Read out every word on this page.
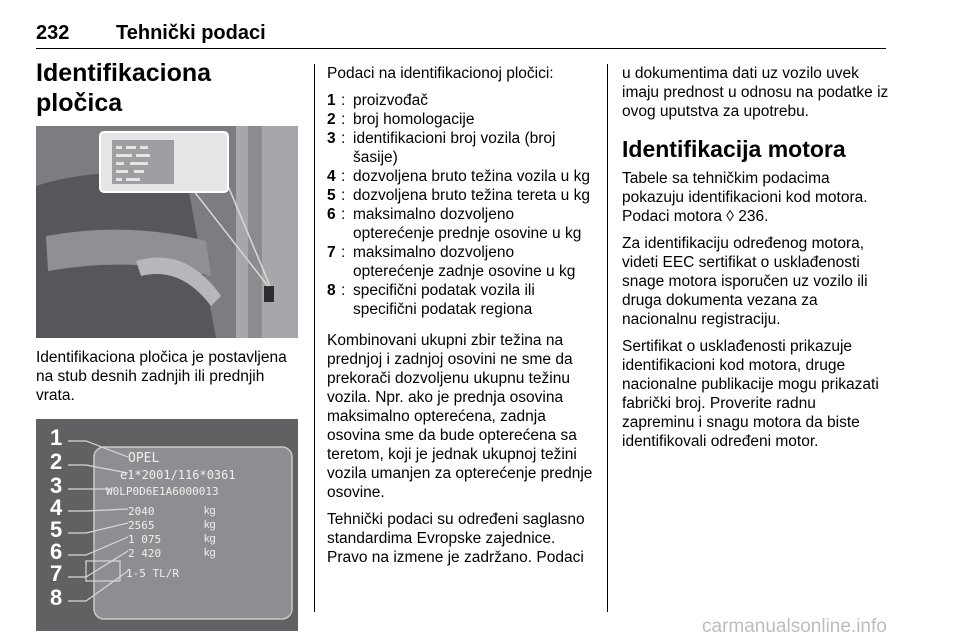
232 Tehnički podaci
Identifikaciona pločica

Identifikaciona pločica je postavljena na stub desnih zadnjih ili prednjih vrata.

1
2
3
4
5
6
7
8
OPEL
e1*2001/116*0361
W0LP0D6E1A6000013
2040
2565
1 075
2 420
1-5 TL/R
kg
kg
kg
kg

Podaci na identifikacionoj pločici:

1 : proizvođač
2 : broj homologacije
3 : identifikacioni broj vozila (broj šasije)
4 : dozvoljena bruto težina vozila u kg
5 : dozvoljena bruto težina tereta u kg
6 : maksimalno dozvoljeno opterećenje prednje osovine u kg
7 : maksimalno dozvoljeno opterećenje zadnje osovine u kg
8 : specifični podatak vozila ili specifični podatak regiona

Kombinovani ukupni zbir težina na prednjoj i zadnjoj osovini ne sme da prekorači dozvoljenu ukupnu težinu vozila. Npr. ako je prednja osovina maksimalno opterećena, zadnja osovina sme da bude opterećena sa teretom, koji je jednak ukupnoj težini vozila umanjen za opterećenje prednje osovine.

Tehnički podaci su određeni saglasno standardima Evropske zajednice. Pravo na izmene je zadržano. Podaci

u dokumentima dati uz vozilo uvek imaju prednost u odnosu na podatke iz ovog uputstva za upotrebu.

Identifikacija motora

Tabele sa tehničkim podacima pokazuju identifikacioni kod motora. Podaci motora ◊ 236.

Za identifikaciju određenog motora, videti EEC sertifikat o usklađenosti snage motora isporučen uz vozilo ili druga dokumenta vezana za nacionalnu registraciju.

Sertifikat o usklađenosti prikazuje identifikacioni kod motora, druge nacionalne publikacije mogu prikazati fabrički broj. Proverite radnu zapreminu i snagu motora da biste identifikovali određeni motor.

carmanualsonline.info
